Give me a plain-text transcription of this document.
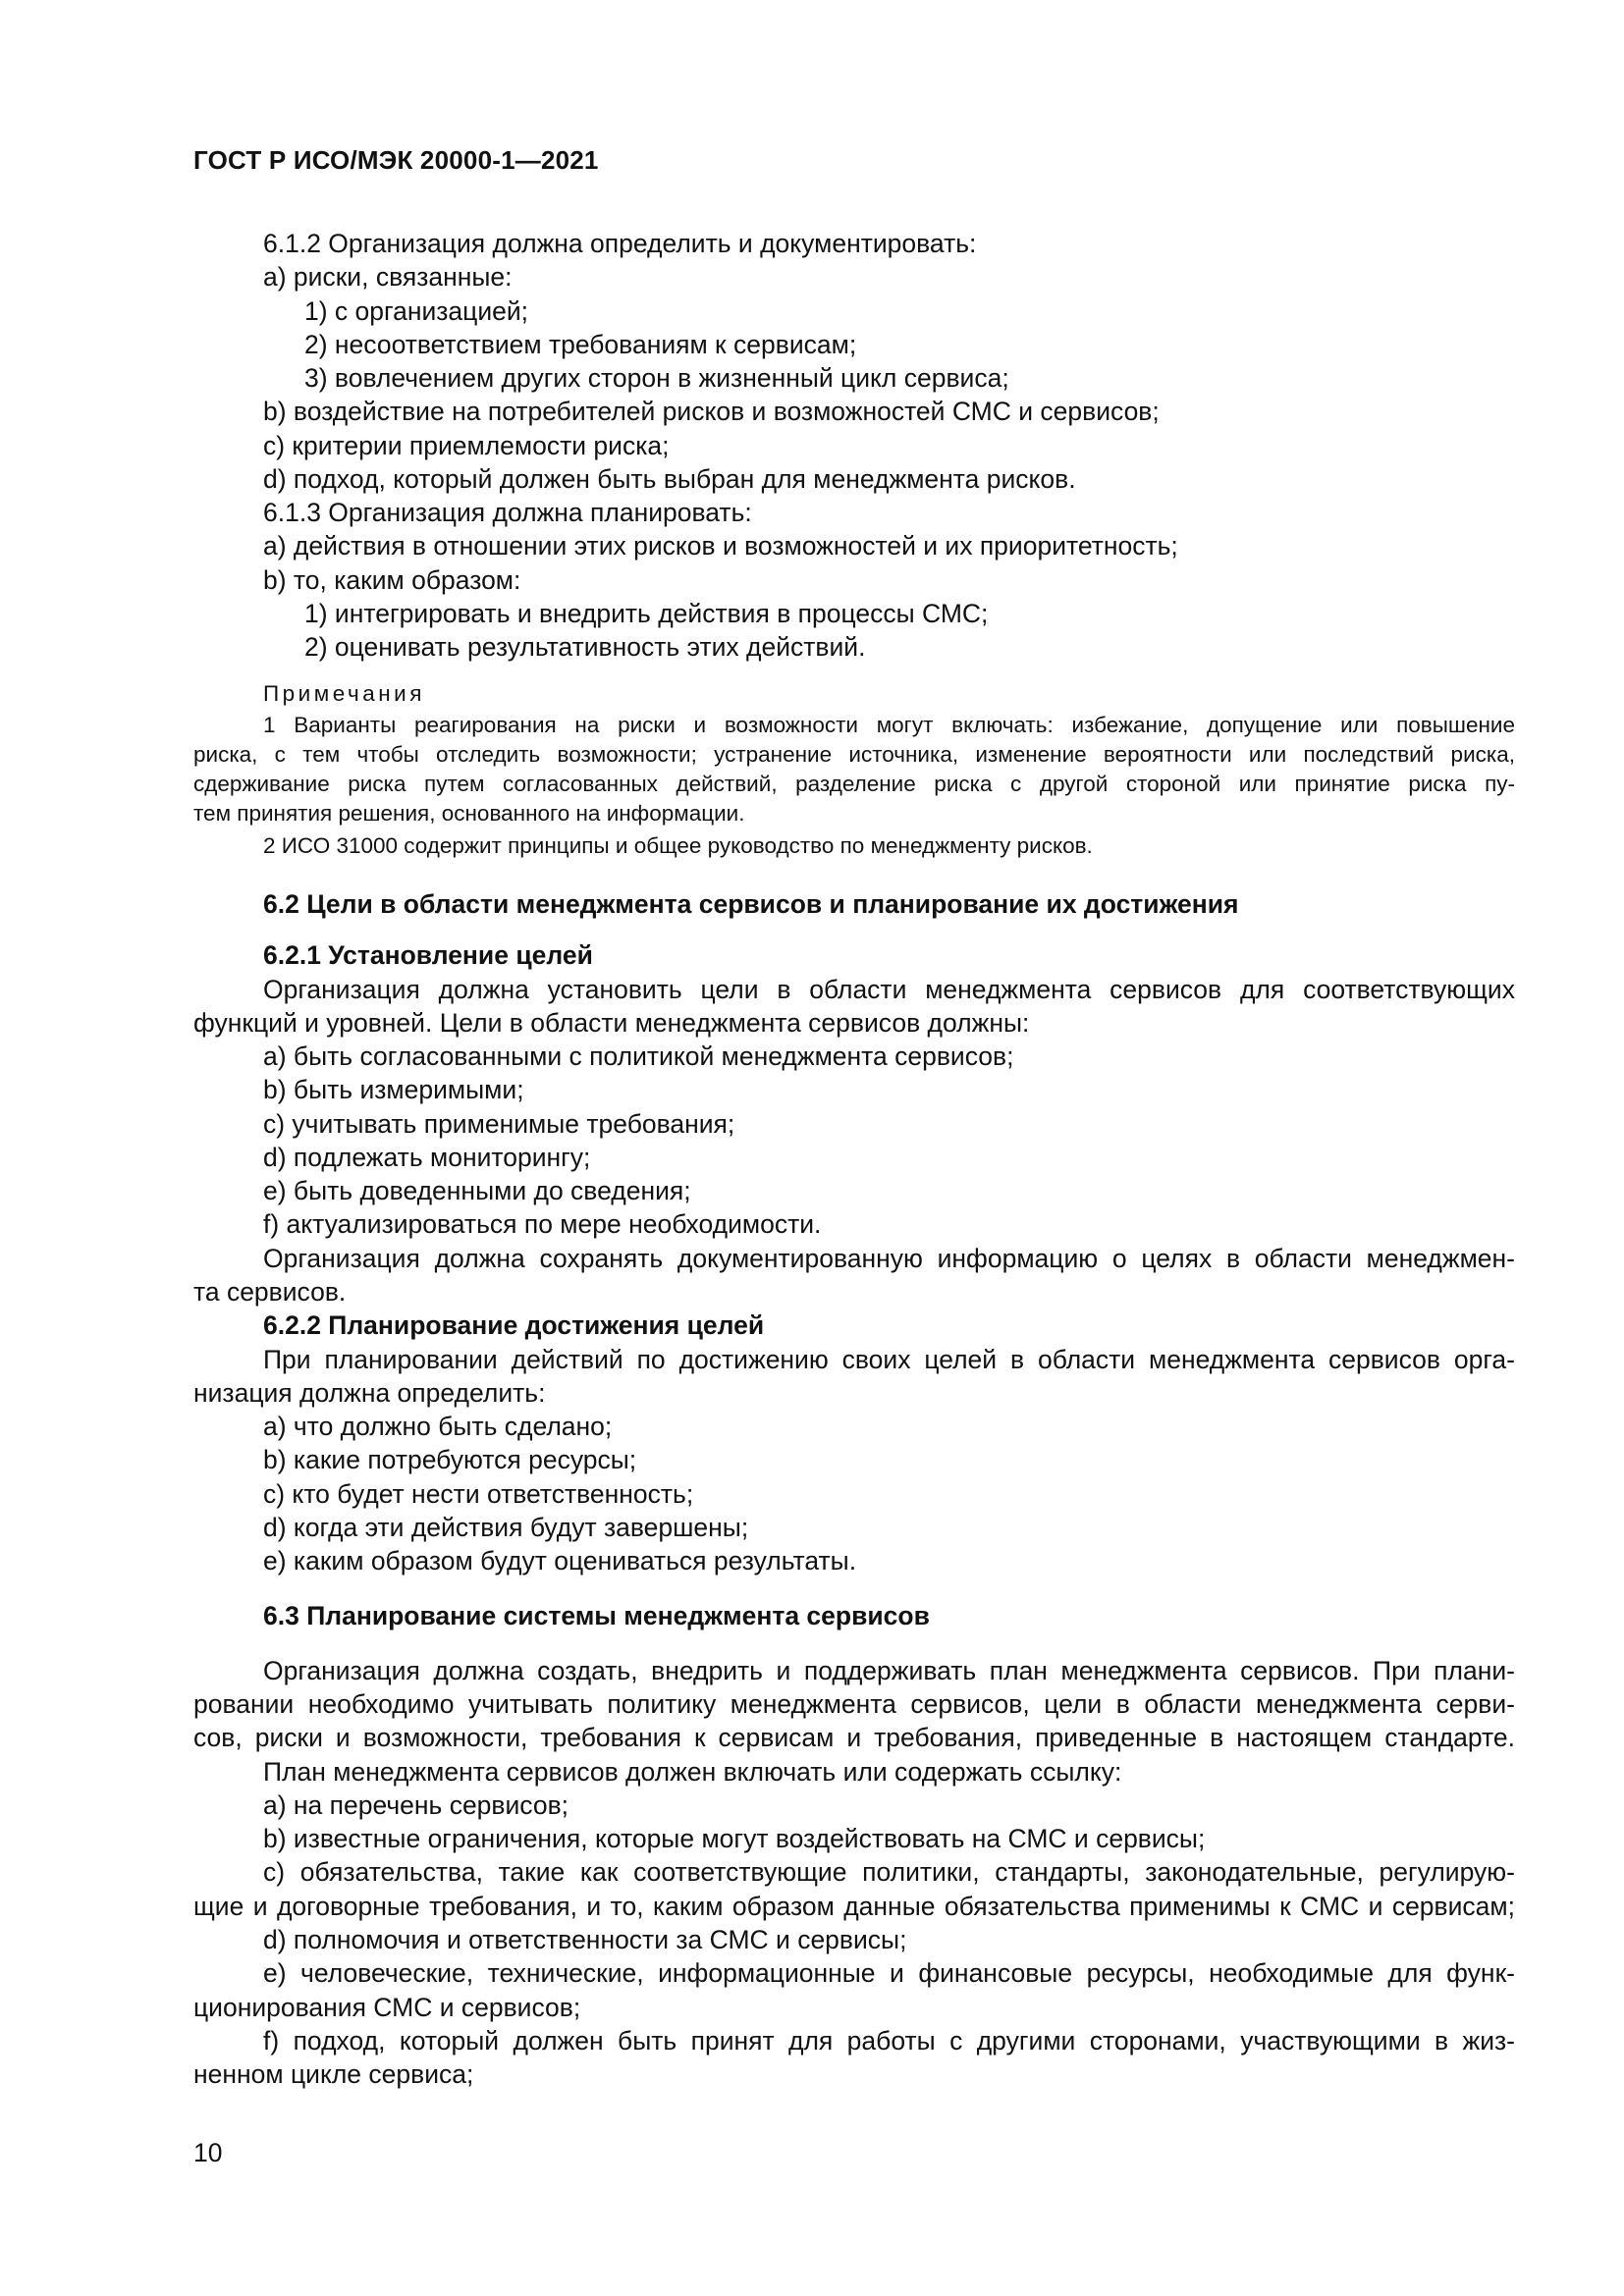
ГОСТ Р ИСО/МЭК 20000-1—2021
6.1.2 Организация должна определить и документировать:
a) риски, связанные:
1) с организацией;
2) несоответствием требованиям к сервисам;
3) вовлечением других сторон в жизненный цикл сервиса;
b) воздействие на потребителей рисков и возможностей СМС и сервисов;
c) критерии приемлемости риска;
d) подход, который должен быть выбран для менеджмента рисков.
6.1.3 Организация должна планировать:
a) действия в отношении этих рисков и возможностей и их приоритетность;
b) то, каким образом:
1) интегрировать и внедрить действия в процессы СМС;
2) оценивать результативность этих действий.
Примечания
1 Варианты реагирования на риски и возможности могут включать: избежание, допущение или повышение
риска, с тем чтобы отследить возможности; устранение источника, изменение вероятности или последствий риска,
сдерживание риска путем согласованных действий, разделение риска с другой стороной или принятие риска пу-
тем принятия решения, основанного на информации.
2 ИСО 31000 содержит принципы и общее руководство по менеджменту рисков.
6.2 Цели в области менеджмента сервисов и планирование их достижения
6.2.1 Установление целей
Организация должна установить цели в области менеджмента сервисов для соответствующих
функций и уровней. Цели в области менеджмента сервисов должны:
a) быть согласованными с политикой менеджмента сервисов;
b) быть измеримыми;
c) учитывать применимые требования;
d) подлежать мониторингу;
e) быть доведенными до сведения;
f) актуализироваться по мере необходимости.
Организация должна сохранять документированную информацию о целях в области менеджмен-
та сервисов.
6.2.2 Планирование достижения целей
При планировании действий по достижению своих целей в области менеджмента сервисов орга-
низация должна определить:
a) что должно быть сделано;
b) какие потребуются ресурсы;
c) кто будет нести ответственность;
d) когда эти действия будут завершены;
e) каким образом будут оцениваться результаты.
6.3 Планирование системы менеджмента сервисов
Организация должна создать, внедрить и поддерживать план менеджмента сервисов. При плани-
ровании необходимо учитывать политику менеджмента сервисов, цели в области менеджмента серви-
сов, риски и возможности, требования к сервисам и требования, приведенные в настоящем стандарте.
План менеджмента сервисов должен включать или содержать ссылку:
a) на перечень сервисов;
b) известные ограничения, которые могут воздействовать на СМС и сервисы;
c) обязательства, такие как соответствующие политики, стандарты, законодательные, регулирую-
щие и договорные требования, и то, каким образом данные обязательства применимы к СМС и сервисам;
d) полномочия и ответственности за СМС и сервисы;
e) человеческие, технические, информационные и финансовые ресурсы, необходимые для функ-
ционирования СМС и сервисов;
f) подход, который должен быть принят для работы с другими сторонами, участвующими в жиз-
ненном цикле сервиса;
10
